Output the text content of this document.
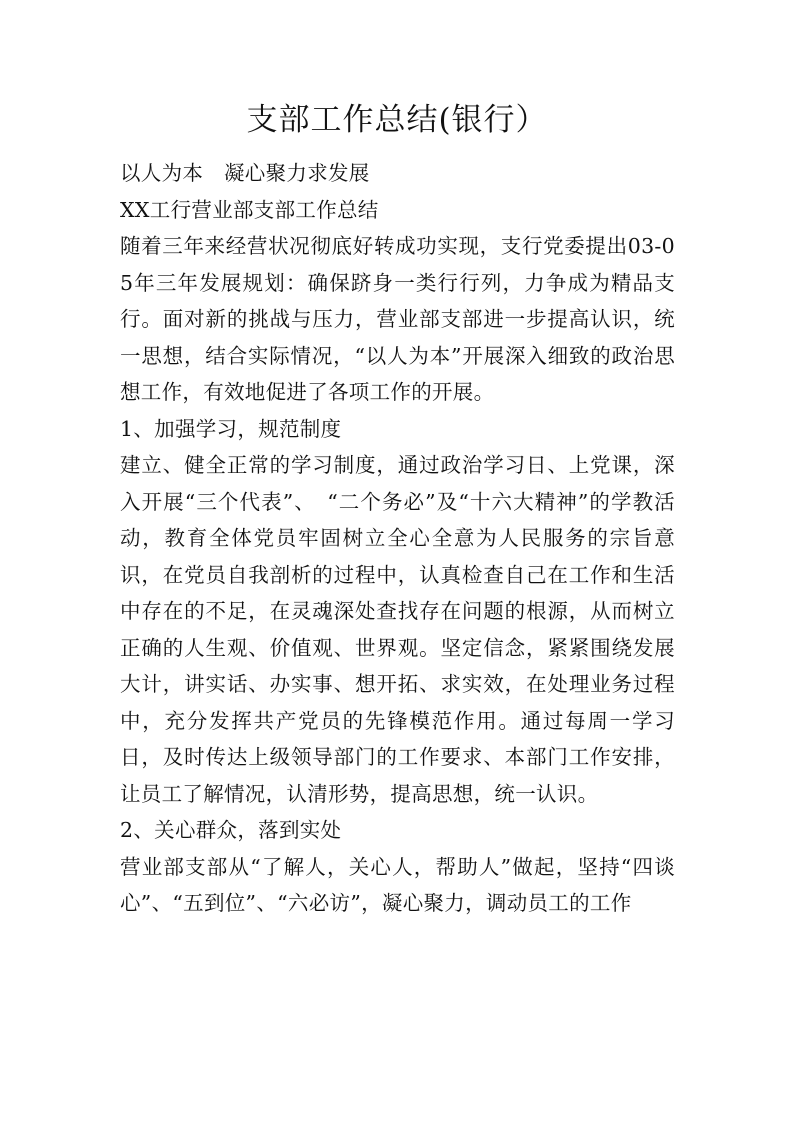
支部工作总结(银行）

以人为本　凝心聚力求发展

XX工行营业部支部工作总结

随着三年来经营状况彻底好转成功实现，支行党委提出03-05年三年发展规划：确保跻身一类行行列，力争成为精品支行。面对新的挑战与压力，营业部支部进一步提高认识，统一思想，结合实际情况，“以人为本”开展深入细致的政治思想工作，有效地促进了各项工作的开展。

1、加强学习，规范制度

建立、健全正常的学习制度，通过政治学习日、上党课，深入开展“三个代表”、　“二个务必”及“十六大精神”的学教活动，教育全体党员牢固树立全心全意为人民服务的宗旨意识，在党员自我剖析的过程中，认真检查自己在工作和生活中存在的不足，在灵魂深处查找存在问题的根源，从而树立正确的人生观、价值观、世界观。坚定信念，紧紧围绕发展大计，讲实话、办实事、想开拓、求实效，在处理业务过程中，充分发挥共产党员的先锋模范作用。通过每周一学习日，及时传达上级领导部门的工作要求、本部门工作安排，让员工了解情况，认清形势，提高思想，统一认识。

2、关心群众，落到实处

营业部支部从“了解人，关心人，帮助人”做起，坚持“四谈心”、“五到位”、“六必访”，凝心聚力，调动员工的工作
